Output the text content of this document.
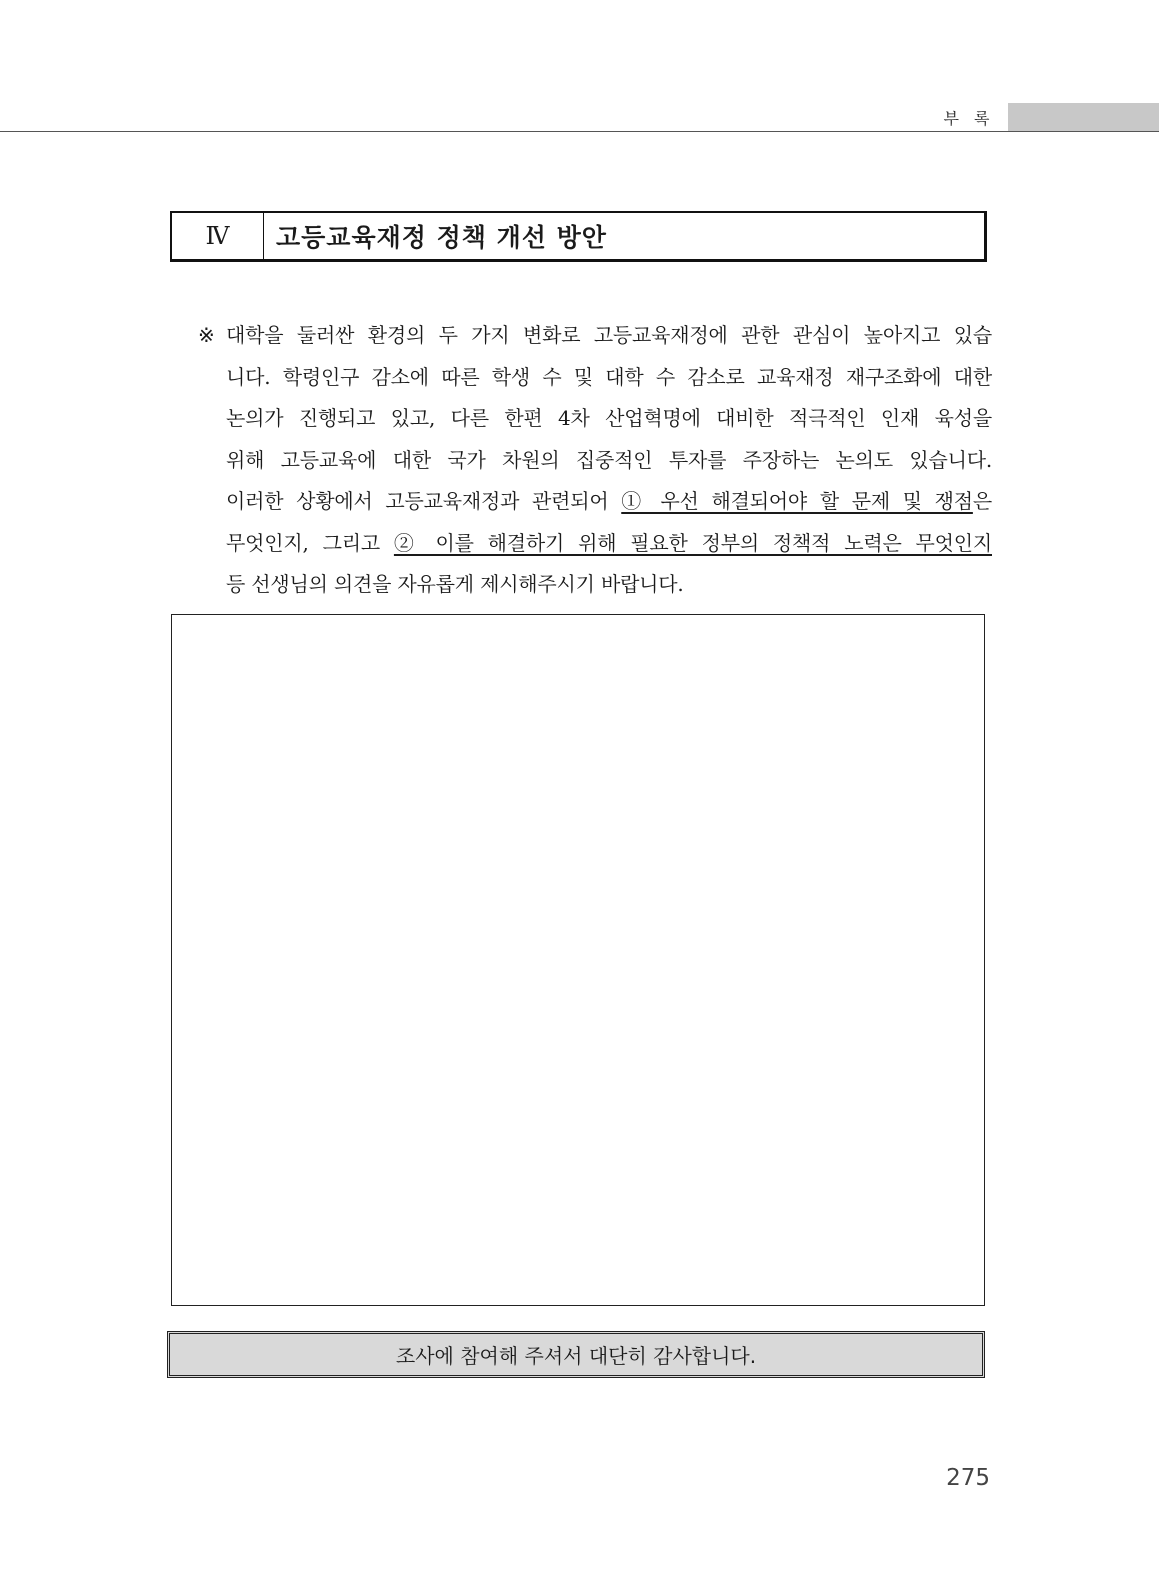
부 록
Ⅳ	고등교육재정 정책 개선 방안
※ 대학을 둘러싼 환경의 두 가지 변화로 고등교육재정에 관한 관심이 높아지고 있습
니다. 학령인구 감소에 따른 학생 수 및 대학 수 감소로 교육재정 재구조화에 대한
논의가 진행되고 있고, 다른 한편 4차 산업혁명에 대비한 적극적인 인재 육성을
위해 고등교육에 대한 국가 차원의 집중적인 투자를 주장하는 논의도 있습니다.
이러한 상황에서 고등교육재정과 관련되어 ① 우선 해결되어야 할 문제 및 쟁점은
무엇인지, 그리고 ② 이를 해결하기 위해 필요한 정부의 정책적 노력은 무엇인지
등 선생님의 의견을 자유롭게 제시해주시기 바랍니다.
조사에 참여해 주셔서 대단히 감사합니다.
275
